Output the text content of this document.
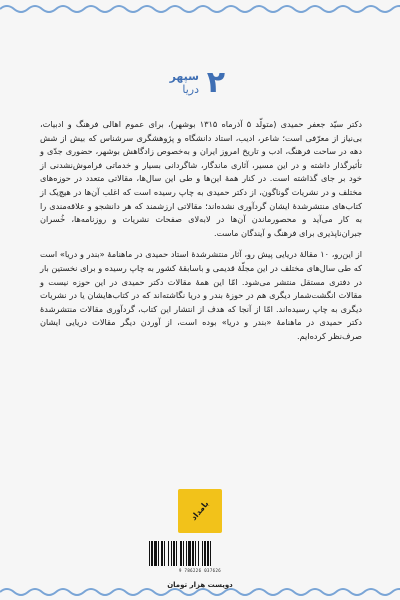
۲
سپهر
دریا

دکتر سیّد جعفر حمیدی (متولّد ۵ آذرماه ۱۳۱۵ بوشهر)، برای عموم اهالی فرهنگ و ادبیات، بی‌نیاز از معرّفی است؛ شاعر، ادیب، استاد دانشگاه و پژوهشگری سرشناس که بیش از شش دهه در ساحت فرهنگ، ادب و تاریخ امروز ایران و به‌خصوص زادگاهش بوشهر، حضوری جدّی و تأثیرگذار داشته و در این مسیر، آثاری ماندگار، شاگردانی بسیار و خدماتی فراموش‌نشدنی از خود بر جای گذاشته است. در کنار همهٔ این‌ها و طی این سال‌ها، مقالاتی متعدد در حوزه‌های مختلف و در نشریات گوناگون، از دکتر حمیدی به چاپ رسیده است که اغلب آن‌ها در هیچ‌یک از کتاب‌های منتشرشدهٔ ایشان گردآوری نشده‌اند؛ مقالاتی ارزشمند که هر دانشجو و علاقه‌مندی را به کار می‌آید و محصورماندن آن‌ها در لابه‌لای صفحات نشریات و روزنامه‌ها، خُسران جبران‌ناپذیری برای فرهنگ و آیندگان ماست.

از این‌رو، ۱۰ مقالهٔ دریایی پیش رو، آثار منتشرشدهٔ استاد حمیدی در ماهنامهٔ «بندر و دریا» است که طی سال‌های مختلف در این مجلّهٔ قدیمی و باسابقهٔ کشور به چاپ رسیده و برای نخستین بار در دفتری مستقل منتشر می‌شود. امّا این همهٔ مقالات دکتر حمیدی در این حوزه نیست و مقالات انگشت‌شمار دیگری هم در حوزهٔ بندر و دریا نگاشته‌اند که در کتاب‌هایشان یا در نشریات دیگری به چاپ رسیده‌اند. امّا از آنجا که هدف از انتشار این کتاب، گردآوری مقالات منتشرشدهٔ دکتر حمیدی در ماهنامهٔ «بندر و دریا» بوده است، از آوردن دیگر مقالات دریایی ایشان صرف‌نظر کرده‌ایم.

بامداد
9 786226 037626
دویست هزار تومان
